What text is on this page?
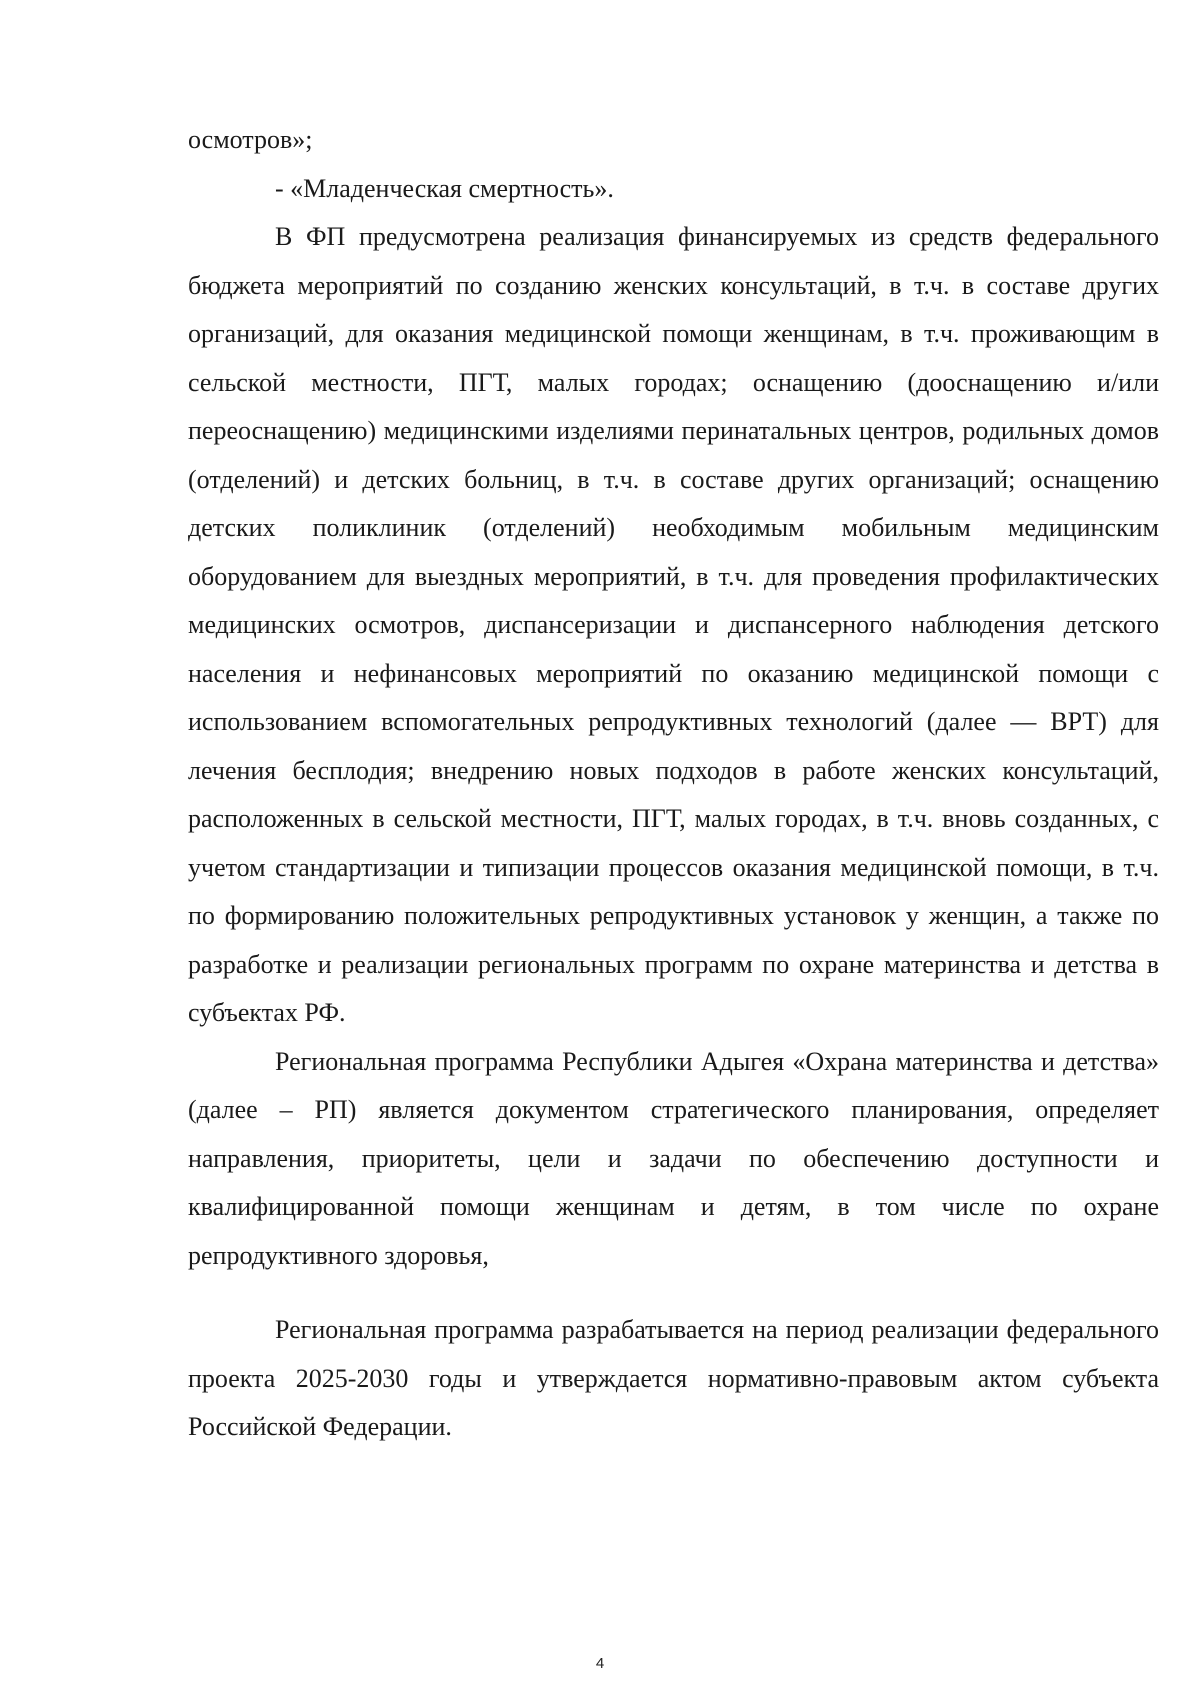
осмотров»;

- «Младенческая смертность».

В ФП предусмотрена реализация финансируемых из средств федерального бюджета мероприятий по созданию женских консультаций, в т.ч. в составе других организаций, для оказания медицинской помощи женщинам, в т.ч. проживающим в сельской местности, ПГТ, малых городах; оснащению (дооснащению и/или переоснащению) медицинскими изделиями перинатальных центров, родильных домов (отделений) и детских больниц, в т.ч. в составе других организаций; оснащению детских поликлиник (отделений) необходимым мобильным медицинским оборудованием для выездных мероприятий, в т.ч. для проведения профилактических медицинских осмотров, диспансеризации и диспансерного наблюдения детского населения и нефинансовых мероприятий по оказанию медицинской помощи с использованием вспомогательных репродуктивных технологий (далее — ВРТ) для лечения бесплодия; внедрению новых подходов в работе женских консультаций, расположенных в сельской местности, ПГТ, малых городах, в т.ч. вновь созданных, с учетом стандартизации и типизации процессов оказания медицинской помощи, в т.ч. по формированию положительных репродуктивных установок у женщин, а также по разработке и реализации региональных программ по охране материнства и детства в субъектах РФ.

Региональная программа Республики Адыгея «Охрана материнства и детства» (далее – РП) является документом стратегического планирования, определяет направления, приоритеты, цели и задачи по обеспечению доступности и квалифицированной помощи женщинам и детям, в том числе по охране репродуктивного здоровья,

Региональная программа разрабатывается на период реализации федерального проекта 2025-2030 годы и утверждается нормативно-правовым актом субъекта Российской Федерации.

4
